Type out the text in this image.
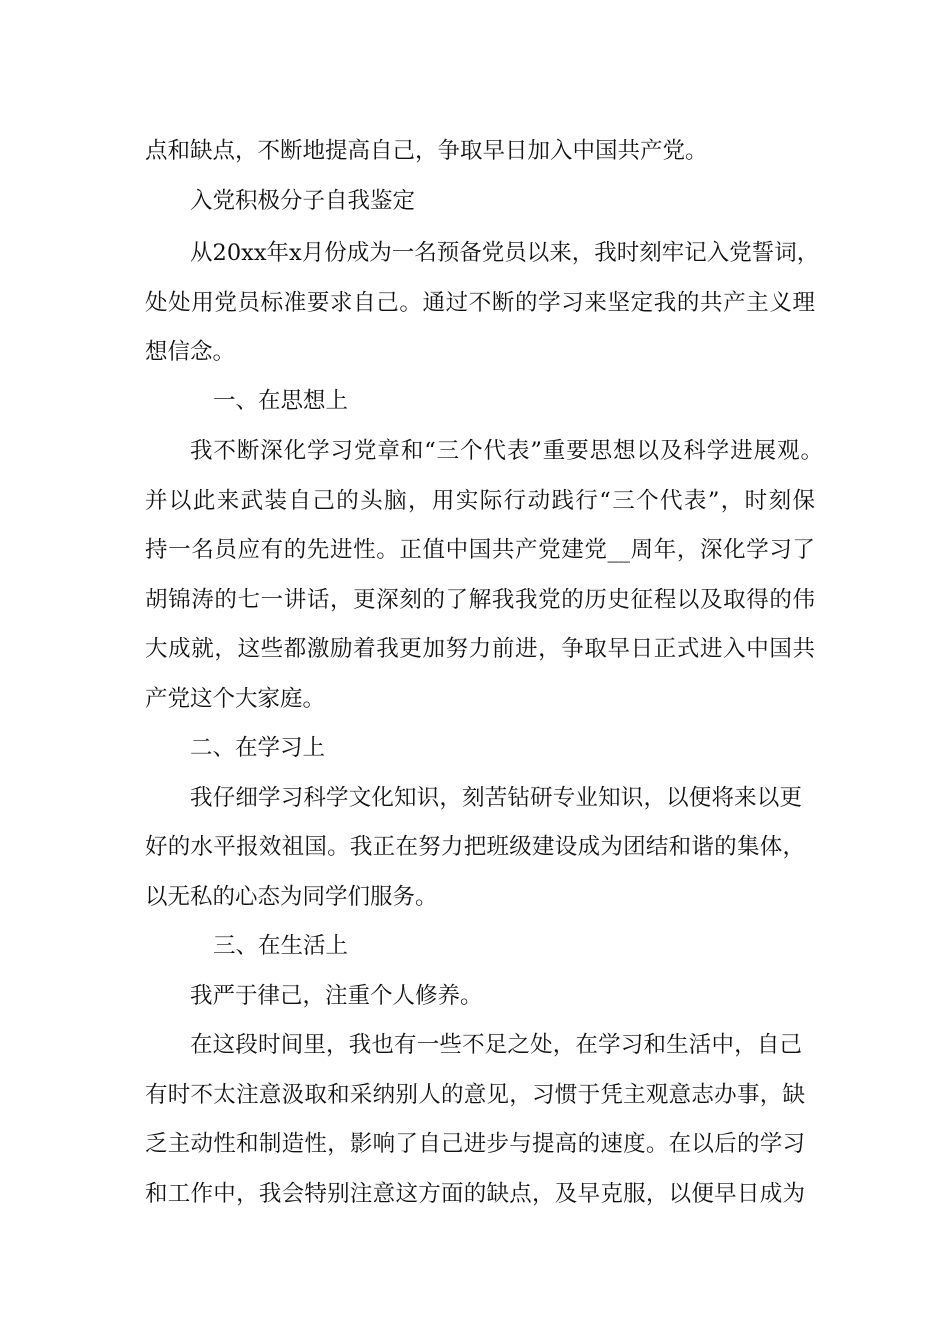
点和缺点，不断地提高自己，争取早日加入中国共产党。
入党积极分子自我鉴定
从20xx年x月份成为一名预备党员以来，我时刻牢记入党誓词，
处处用党员标准要求自己。通过不断的学习来坚定我的共产主义理
想信念。
一、在思想上
我不断深化学习党章和“三个代表”重要思想以及科学进展观。
并以此来武装自己的头脑，用实际行动践行“三个代表”，时刻保
持一名员应有的先进性。正值中国共产党建党__周年，深化学习了
胡锦涛的七一讲话，更深刻的了解我我党的历史征程以及取得的伟
大成就，这些都激励着我更加努力前进，争取早日正式进入中国共
产党这个大家庭。
二、在学习上
我仔细学习科学文化知识，刻苦钻研专业知识，以便将来以更
好的水平报效祖国。我正在努力把班级建设成为团结和谐的集体，
以无私的心态为同学们服务。
三、在生活上
我严于律己，注重个人修养。
在这段时间里，我也有一些不足之处，在学习和生活中，自己
有时不太注意汲取和采纳别人的意见，习惯于凭主观意志办事，缺
乏主动性和制造性，影响了自己进步与提高的速度。在以后的学习
和工作中，我会特别注意这方面的缺点，及早克服，以便早日成为
